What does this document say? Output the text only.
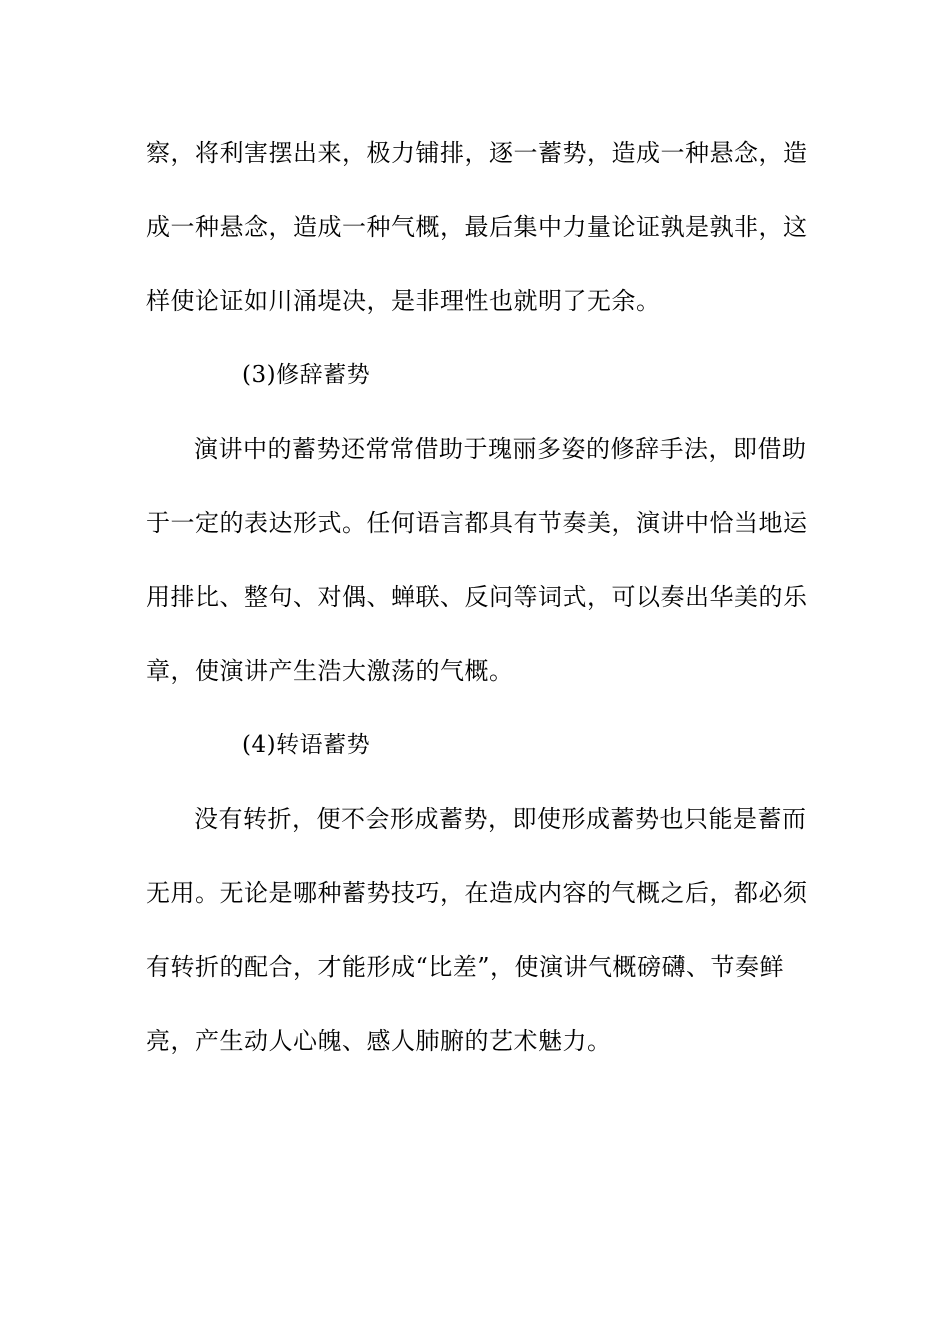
察，将利害摆出来，极力铺排，逐一蓄势，造成一种悬念，造
成一种悬念，造成一种气概，最后集中力量论证孰是孰非，这
样使论证如川涌堤决，是非理性也就明了无余。
(3)修辞蓄势
演讲中的蓄势还常常借助于瑰丽多姿的修辞手法，即借助
于一定的表达形式。任何语言都具有节奏美，演讲中恰当地运
用排比、整句、对偶、蝉联、反问等词式，可以奏出华美的乐
章，使演讲产生浩大激荡的气概。
(4)转语蓄势
没有转折，便不会形成蓄势，即使形成蓄势也只能是蓄而
无用。无论是哪种蓄势技巧，在造成内容的气概之后，都必须
有转折的配合，才能形成“比差”，使演讲气概磅礴、节奏鲜
亮，产生动人心魄、感人肺腑的艺术魅力。
